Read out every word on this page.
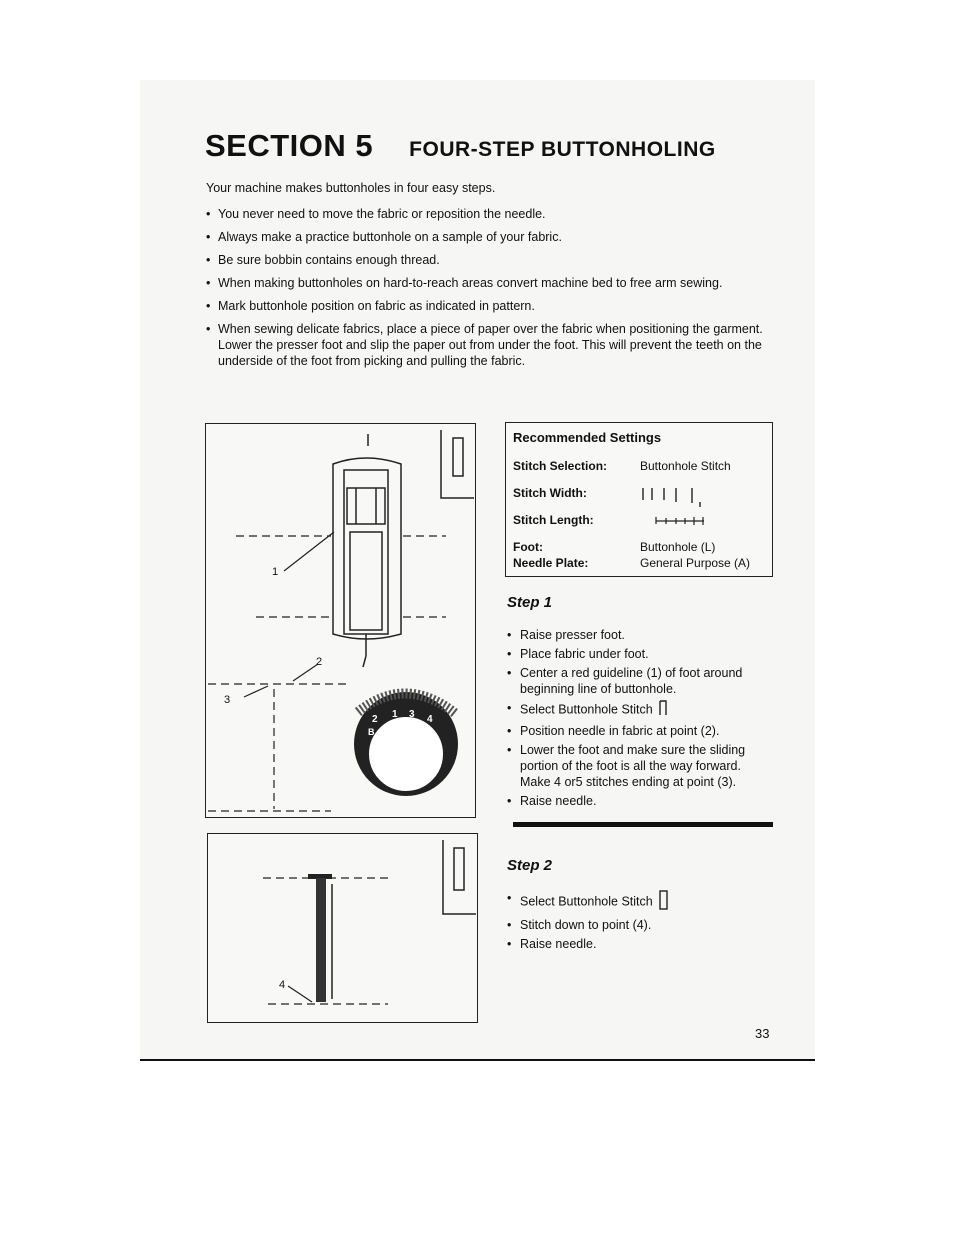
SECTION 5 FOUR-STEP BUTTONHOLING
Your machine makes buttonholes in four easy steps.
• You never need to move the fabric or reposition the needle.
• Always make a practice buttonhole on a sample of your fabric.
• Be sure bobbin contains enough thread.
• When making buttonholes on hard-to-reach areas convert machine bed to free arm sewing.
• Mark buttonhole position on fabric as indicated in pattern.
• When sewing delicate fabrics, place a piece of paper over the fabric when positioning the garment. Lower the presser foot and slip the paper out from under the foot. This will prevent the teeth on the underside of the foot from picking and pulling the fabric.
1
2
3
2 1 3 4
B A/C D
4
Recommended Settings
Stitch Selection:	Buttonhole Stitch
Stitch Width:
Stitch Length:
Foot:	Buttonhole (L)
Needle Plate:	General Purpose (A)
Step 1
• Raise presser foot.
• Place fabric under foot.
• Center a red guideline (1) of foot around beginning line of buttonhole.
• Select Buttonhole Stitch
• Position needle in fabric at point (2).
• Lower the foot and make sure the sliding portion of the foot is all the way forward. Make 4 or5 stitches ending at point (3).
• Raise needle.
Step 2
• Select Buttonhole Stitch
• Stitch down to point (4).
• Raise needle.
33
